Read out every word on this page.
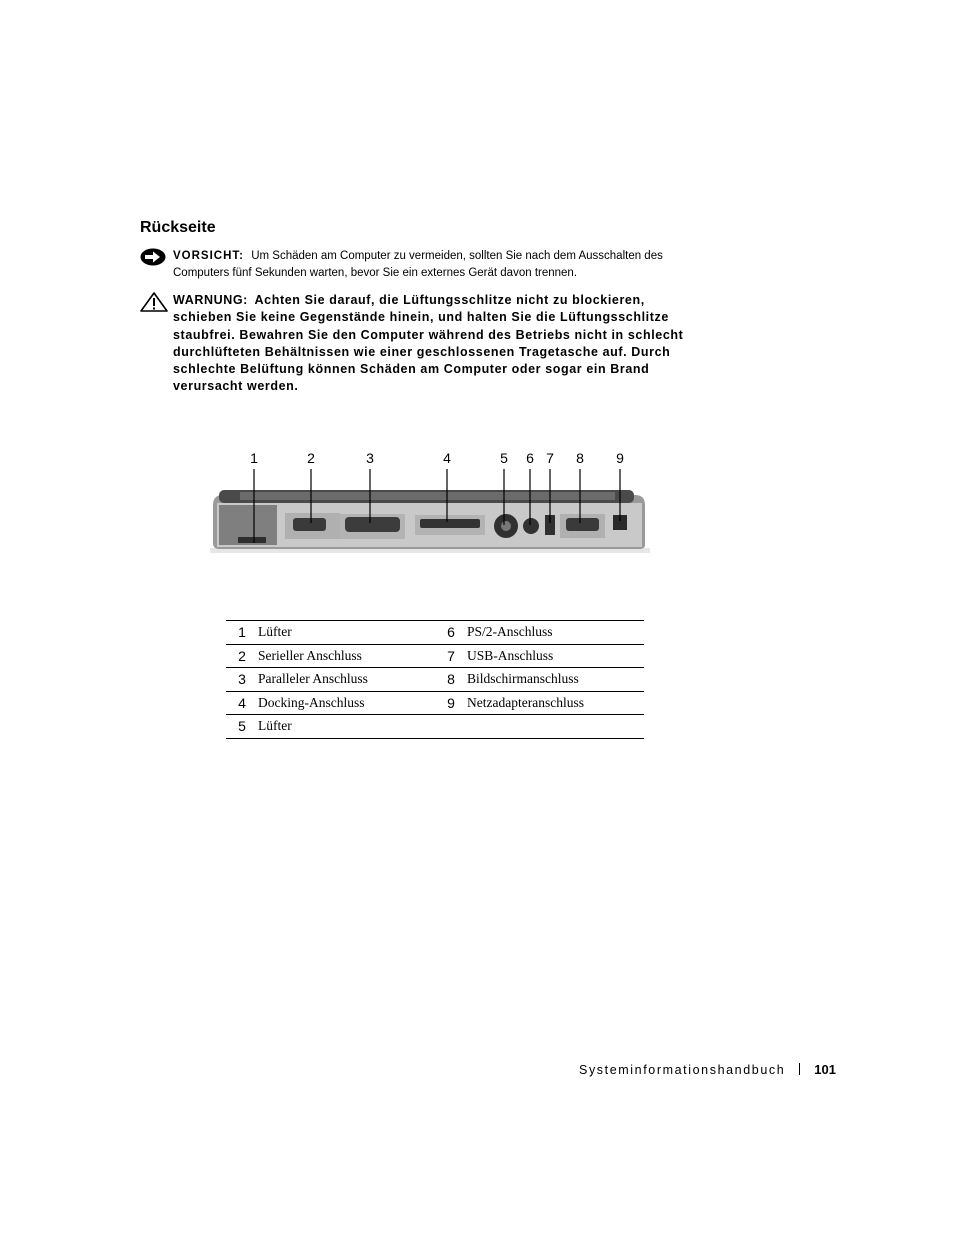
Rückseite
VORSICHT: Um Schäden am Computer zu vermeiden, sollten Sie nach dem Ausschalten des Computers fünf Sekunden warten, bevor Sie ein externes Gerät davon trennen.
WARNUNG: Achten Sie darauf, die Lüftungsschlitze nicht zu blockieren, schieben Sie keine Gegenstände hinein, und halten Sie die Lüftungsschlitze staubfrei. Bewahren Sie den Computer während des Betriebs nicht in schlecht durchlüfteten Behältnissen wie einer geschlossenen Tragetasche auf. Durch schlechte Belüftung können Schäden am Computer oder sogar ein Brand verursacht werden.
1	2	3	4	5 6 7 8 9
1	Lüfter	6	PS/2-Anschluss
2	Serieller Anschluss	7	USB-Anschluss
3	Paralleler Anschluss	8	Bildschirmanschluss
4	Docking-Anschluss	9	Netzadapteranschluss
5	Lüfter		
Systeminformationshandbuch 101
